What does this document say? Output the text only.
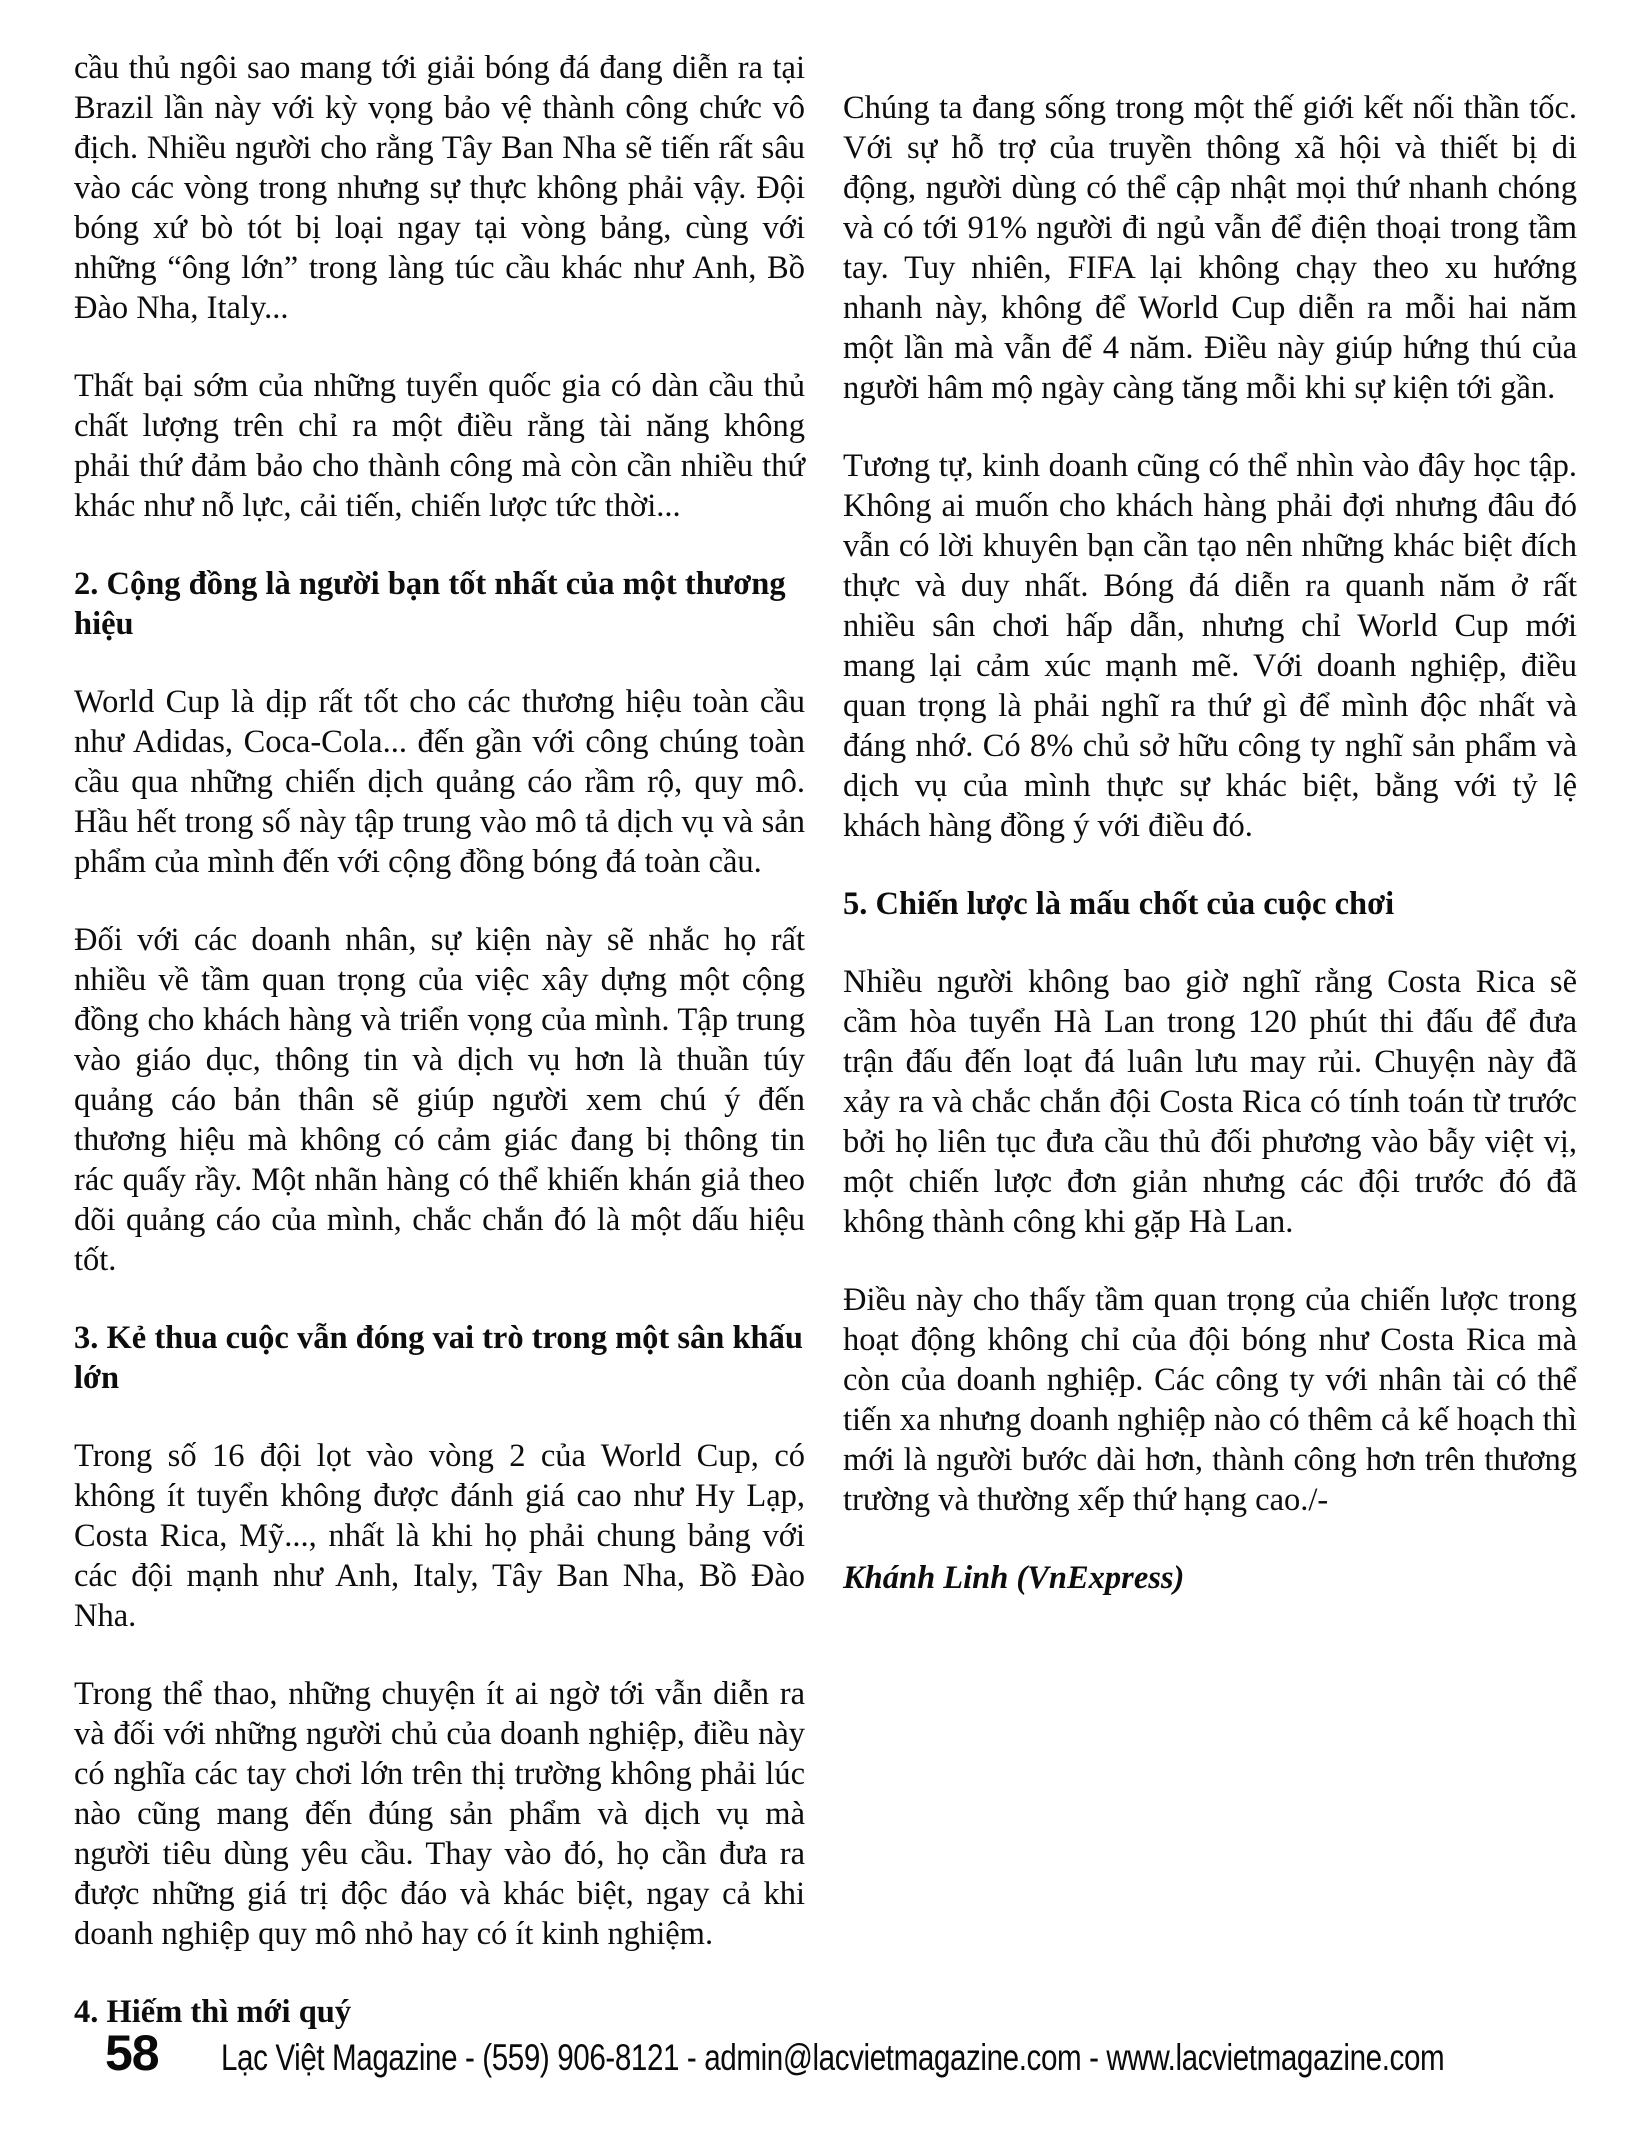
cầu thủ ngôi sao mang tới giải bóng đá đang diễn ra tại Brazil lần này với kỳ vọng bảo vệ thành công chức vô địch. Nhiều người cho rằng Tây Ban Nha sẽ tiến rất sâu vào các vòng trong nhưng sự thực không phải vậy. Đội bóng xứ bò tót bị loại ngay tại vòng bảng, cùng với những “ông lớn” trong làng túc cầu khác như Anh, Bồ Đào Nha, Italy...

Thất bại sớm của những tuyển quốc gia có dàn cầu thủ chất lượng trên chỉ ra một điều rằng tài năng không phải thứ đảm bảo cho thành công mà còn cần nhiều thứ khác như nỗ lực, cải tiến, chiến lược tức thời...

2. Cộng đồng là người bạn tốt nhất của một thương hiệu

World Cup là dịp rất tốt cho các thương hiệu toàn cầu như Adidas, Coca-Cola... đến gần với công chúng toàn cầu qua những chiến dịch quảng cáo rầm rộ, quy mô. Hầu hết trong số này tập trung vào mô tả dịch vụ và sản phẩm của mình đến với cộng đồng bóng đá toàn cầu.

Đối với các doanh nhân, sự kiện này sẽ nhắc họ rất nhiều về tầm quan trọng của việc xây dựng một cộng đồng cho khách hàng và triển vọng của mình. Tập trung vào giáo dục, thông tin và dịch vụ hơn là thuần túy quảng cáo bản thân sẽ giúp người xem chú ý đến thương hiệu mà không có cảm giác đang bị thông tin rác quấy rầy. Một nhãn hàng có thể khiến khán giả theo dõi quảng cáo của mình, chắc chắn đó là một dấu hiệu tốt.

3. Kẻ thua cuộc vẫn đóng vai trò trong một sân khấu lớn

Trong số 16 đội lọt vào vòng 2 của World Cup, có không ít tuyển không được đánh giá cao như Hy Lạp, Costa Rica, Mỹ..., nhất là khi họ phải chung bảng với các đội mạnh như Anh, Italy, Tây Ban Nha, Bồ Đào Nha.

Trong thể thao, những chuyện ít ai ngờ tới vẫn diễn ra và đối với những người chủ của doanh nghiệp, điều này có nghĩa các tay chơi lớn trên thị trường không phải lúc nào cũng mang đến đúng sản phẩm và dịch vụ mà người tiêu dùng yêu cầu. Thay vào đó, họ cần đưa ra được những giá trị độc đáo và khác biệt, ngay cả khi doanh nghiệp quy mô nhỏ hay có ít kinh nghiệm.

4. Hiếm thì mới quý

Chúng ta đang sống trong một thế giới kết nối thần tốc. Với sự hỗ trợ của truyền thông xã hội và thiết bị di động, người dùng có thể cập nhật mọi thứ nhanh chóng và có tới 91% người đi ngủ vẫn để điện thoại trong tầm tay. Tuy nhiên, FIFA lại không chạy theo xu hướng nhanh này, không để World Cup diễn ra mỗi hai năm một lần mà vẫn để 4 năm. Điều này giúp hứng thú của người hâm mộ ngày càng tăng mỗi khi sự kiện tới gần.

Tương tự, kinh doanh cũng có thể nhìn vào đây học tập. Không ai muốn cho khách hàng phải đợi nhưng đâu đó vẫn có lời khuyên bạn cần tạo nên những khác biệt đích thực và duy nhất. Bóng đá diễn ra quanh năm ở rất nhiều sân chơi hấp dẫn, nhưng chỉ World Cup mới mang lại cảm xúc mạnh mẽ. Với doanh nghiệp, điều quan trọng là phải nghĩ ra thứ gì để mình độc nhất và đáng nhớ. Có 8% chủ sở hữu công ty nghĩ sản phẩm và dịch vụ của mình thực sự khác biệt, bằng với tỷ lệ khách hàng đồng ý với điều đó.

5. Chiến lược là mấu chốt của cuộc chơi

Nhiều người không bao giờ nghĩ rằng Costa Rica sẽ cầm hòa tuyển Hà Lan trong 120 phút thi đấu để đưa trận đấu đến loạt đá luân lưu may rủi. Chuyện này đã xảy ra và chắc chắn đội Costa Rica có tính toán từ trước bởi họ liên tục đưa cầu thủ đối phương vào bẫy việt vị, một chiến lược đơn giản nhưng các đội trước đó đã không thành công khi gặp Hà Lan.

Điều này cho thấy tầm quan trọng của chiến lược trong hoạt động không chỉ của đội bóng như Costa Rica mà còn của doanh nghiệp. Các công ty với nhân tài có thể tiến xa nhưng doanh nghiệp nào có thêm cả kế hoạch thì mới là người bước dài hơn, thành công hơn trên thương trường và thường xếp thứ hạng cao./-

Khánh Linh (VnExpress)

58 Lạc Việt Magazine - (559) 906-8121 - admin@lacvietmagazine.com - www.lacvietmagazine.com
